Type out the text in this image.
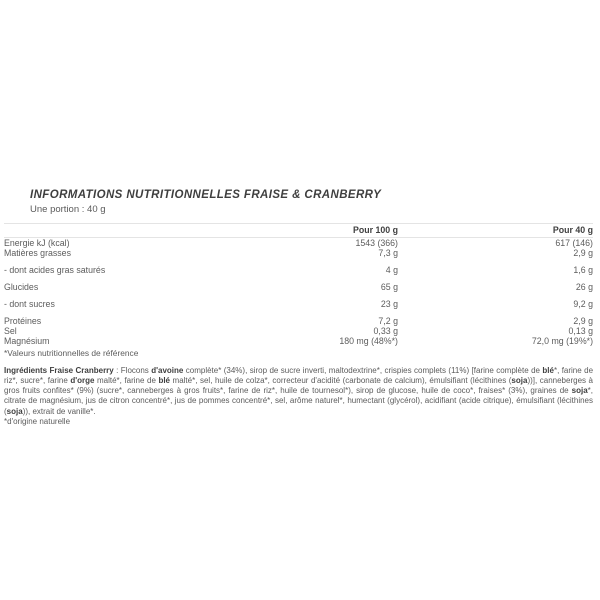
INFORMATIONS NUTRITIONNELLES FRAISE & CRANBERRY
Une portion : 40 g
Pour 100 g	Pour 40 g
Energie kJ (kcal)	1543 (366)	617 (146)
Matières grasses	7,3 g	2,9 g
- dont acides gras saturés	4 g	1,6 g
Glucides	65 g	26 g
- dont sucres	23 g	9,2 g
Protéines	7,2 g	2,9 g
Sel	0,33 g	0,13 g
Magnésium	180 mg (48%*)	72,0 mg (19%*)
*Valeurs nutritionnelles de référence
Ingrédients Fraise Cranberry : Flocons d'avoine complète* (34%), sirop de sucre inverti, maltodextrine*, crispies complets (11%) [farine complète de blé*, farine de riz*, sucre*, farine d'orge malté*, farine de blé malté*, sel, huile de colza*, correcteur d'acidité (carbonate de calcium), émulsifiant (lécithines (soja))], canneberges à gros fruits confites* (9%) (sucre*, canneberges à gros fruits*, farine de riz*, huile de tournesol*), sirop de glucose, huile de coco*, fraises* (3%), graines de soja*, citrate de magnésium, jus de citron concentré*, jus de pommes concentré*, sel, arôme naturel*, humectant (glycérol), acidifiant (acide citrique), émulsifiant (lécithines (soja)), extrait de vanille*.
*d'origine naturelle
